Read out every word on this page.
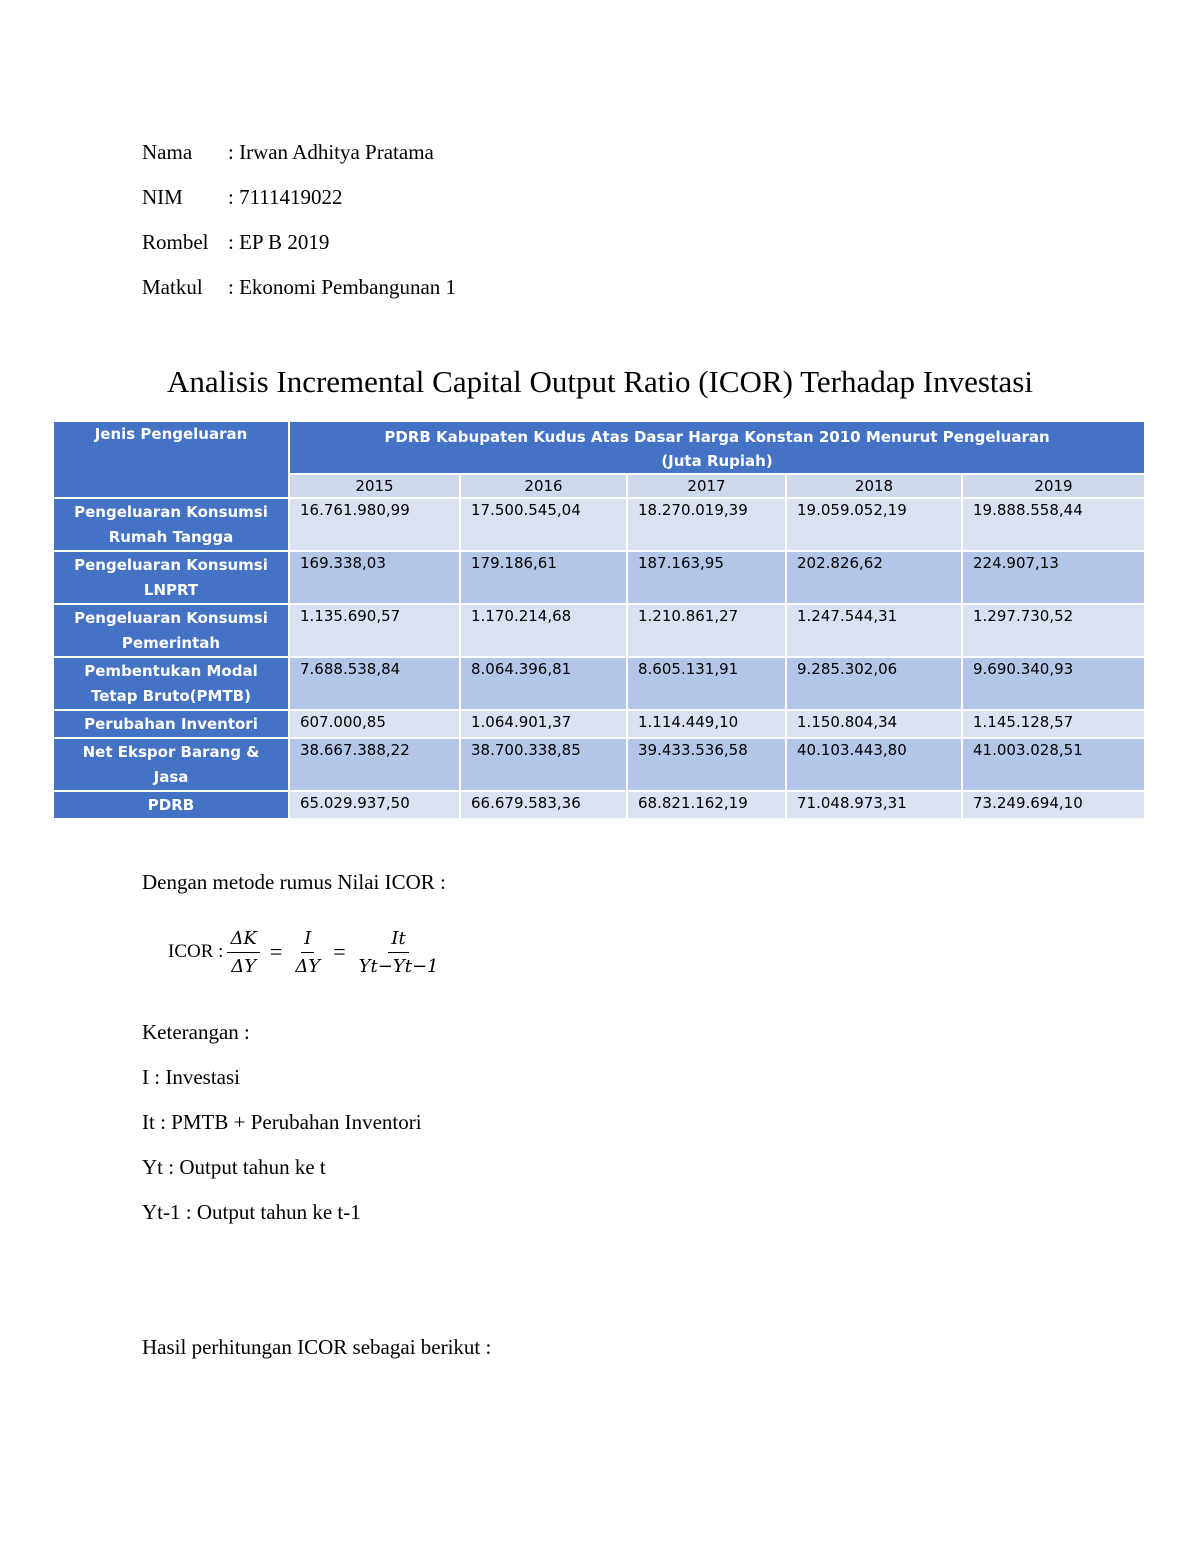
Nama	: Irwan Adhitya Pratama
NIM	: 7111419022
Rombel : EP B 2019
Matkul	: Ekonomi Pembangunan 1
Analisis Incremental Capital Output Ratio (ICOR) Terhadap Investasi
Jenis Pengeluaran	PDRB Kabupaten Kudus Atas Dasar Harga Konstan 2010 Menurut Pengeluaran
(Juta Rupiah)				

	2015	2016	2017	2018	2019

Pengeluaran Konsumsi
Rumah Tangga	16.761.980,99	17.500.545,04	18.270.019,39	19.059.052,19	19.888.558,44

Pengeluaran Konsumsi
LNPRT	169.338,03	179.186,61	187.163,95	202.826,62	224.907,13

Pengeluaran Konsumsi
Pemerintah	1.135.690,57	1.170.214,68	1.210.861,27	1.247.544,31	1.297.730,52

Pembentukan Modal
Tetap Bruto(PMTB)	7.688.538,84	8.064.396,81	8.605.131,91	9.285.302,06	9.690.340,93

Perubahan Inventori	607.000,85	1.064.901,37	1.114.449,10	1.150.804,34	1.145.128,57

Net Ekspor Barang &
Jasa	38.667.388,22	38.700.338,85	39.433.536,58	40.103.443,80	41.003.028,51

PDRB	65.029.937,50	66.679.583,36	68.821.162,19	71.048.973,31	73.249.694,10
Dengan metode rumus Nilai ICOR :
ICOR : $\frac{\Delta K}{\Delta Y} = \frac{I}{\Delta Y} = \frac{It}{Yt-Yt-1}$
Keterangan :
I : Investasi
It : PMTB + Perubahan Inventori
Yt : Output tahun ke t
Yt-1 : Output tahun ke t-1
Hasil perhitungan ICOR sebagai berikut :
